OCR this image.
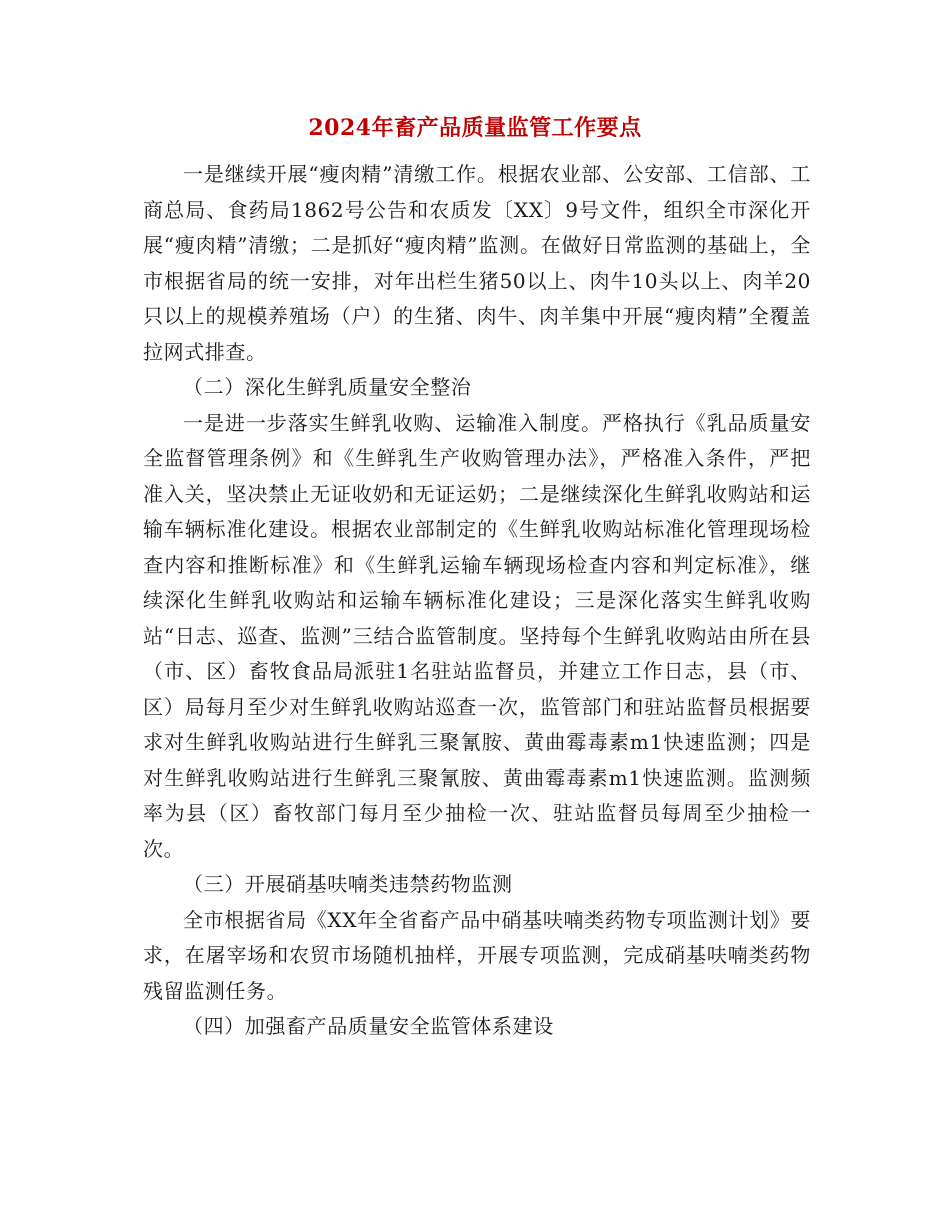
2024年畜产品质量监管工作要点

一是继续开展“瘦肉精”清缴工作。根据农业部、公安部、工信部、工商总局、食药局1862号公告和农质发〔XX〕9号文件，组织全市深化开展“瘦肉精”清缴；二是抓好“瘦肉精”监测。在做好日常监测的基础上，全市根据省局的统一安排，对年出栏生猪50以上、肉牛10头以上、肉羊20只以上的规模养殖场（户）的生猪、肉牛、肉羊集中开展“瘦肉精”全覆盖拉网式排查。

（二）深化生鲜乳质量安全整治

一是进一步落实生鲜乳收购、运输准入制度。严格执行《乳品质量安全监督管理条例》和《生鲜乳生产收购管理办法》，严格准入条件，严把准入关，坚决禁止无证收奶和无证运奶；二是继续深化生鲜乳收购站和运输车辆标准化建设。根据农业部制定的《生鲜乳收购站标准化管理现场检查内容和推断标准》和《生鲜乳运输车辆现场检查内容和判定标准》，继续深化生鲜乳收购站和运输车辆标准化建设；三是深化落实生鲜乳收购站“日志、巡查、监测”三结合监管制度。坚持每个生鲜乳收购站由所在县（市、区）畜牧食品局派驻1名驻站监督员，并建立工作日志，县（市、区）局每月至少对生鲜乳收购站巡查一次，监管部门和驻站监督员根据要求对生鲜乳收购站进行生鲜乳三聚氰胺、黄曲霉毒素m1快速监测；四是对生鲜乳收购站进行生鲜乳三聚氰胺、黄曲霉毒素m1快速监测。监测频率为县（区）畜牧部门每月至少抽检一次、驻站监督员每周至少抽检一次。

（三）开展硝基呋喃类违禁药物监测

全市根据省局《XX年全省畜产品中硝基呋喃类药物专项监测计划》要求，在屠宰场和农贸市场随机抽样，开展专项监测，完成硝基呋喃类药物残留监测任务。

（四）加强畜产品质量安全监管体系建设
